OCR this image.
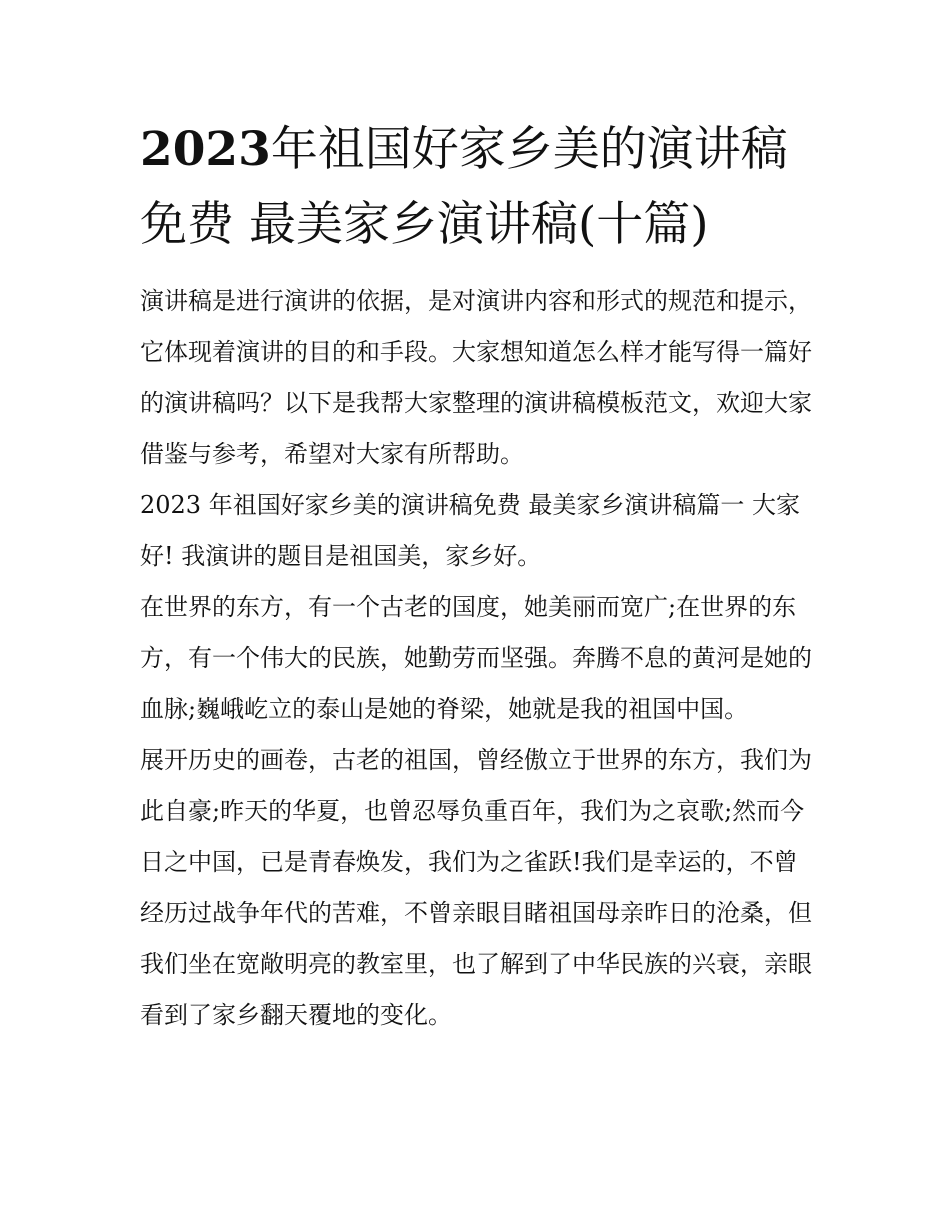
2023年祖国好家乡美的演讲稿免费 最美家乡演讲稿(十篇)

演讲稿是进行演讲的依据，是对演讲内容和形式的规范和提示，它体现着演讲的目的和手段。大家想知道怎么样才能写得一篇好的演讲稿吗？以下是我帮大家整理的演讲稿模板范文，欢迎大家借鉴与参考，希望对大家有所帮助。

2023 年祖国好家乡美的演讲稿免费 最美家乡演讲稿篇一 大家好! 我演讲的题目是祖国美，家乡好。

在世界的东方，有一个古老的国度，她美丽而宽广;在世界的东方，有一个伟大的民族，她勤劳而坚强。奔腾不息的黄河是她的血脉;巍峨屹立的泰山是她的脊梁，她就是我的祖国中国。

展开历史的画卷，古老的祖国，曾经傲立于世界的东方，我们为此自豪;昨天的华夏，也曾忍辱负重百年，我们为之哀歌;然而今日之中国，已是青春焕发，我们为之雀跃!我们是幸运的，不曾经历过战争年代的苦难，不曾亲眼目睹祖国母亲昨日的沧桑，但我们坐在宽敞明亮的教室里，也了解到了中华民族的兴衰，亲眼看到了家乡翻天覆地的变化。
